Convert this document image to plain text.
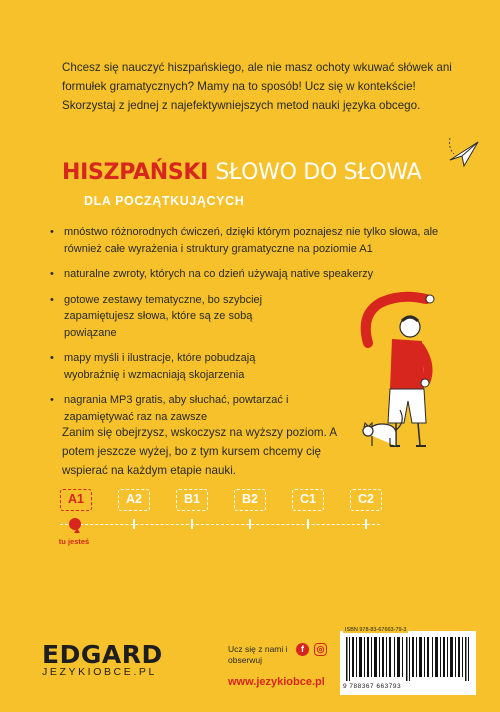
Chcesz się nauczyć hiszpańskiego, ale nie masz ochoty wkuwać słówek ani formułek gramatycznych? Mamy na to sposób! Ucz się w kontekście! Skorzystaj z jednej z najefektywniejszych metod nauki języka obcego.
HISZPAŃSKI SŁOWO DO SŁOWA
DLA POCZĄTKUJĄCYCH
• mnóstwo różnorodnych ćwiczeń, dzięki którym poznajesz nie tylko słowa, ale również całe wyrażenia i struktury gramatyczne na poziomie A1
• naturalne zwroty, których na co dzień używają native speakerzy
• gotowe zestawy tematyczne, bo szybciej zapamiętujesz słowa, które są ze sobą powiązane
• mapy myśli i ilustracje, które pobudzają wyobraźnię i wzmacniają skojarzenia
• nagrania MP3 gratis, aby słuchać, powtarzać i zapamiętywać raz na zawsze
Zanim się obejrzysz, wskoczysz na wyższy poziom. A potem jeszcze wyżej, bo z tym kursem chcemy cię wspierać na każdym etapie nauki.
A1	A2	B1	B2	C1	C2
tu jesteś
EDGARD
JEZYKIOBCE.PL
Ucz się z nami i obserwuj
f	◎
www.jezykiobce.pl
ISBN 978-83-67663-79-3
9 788367 663793
